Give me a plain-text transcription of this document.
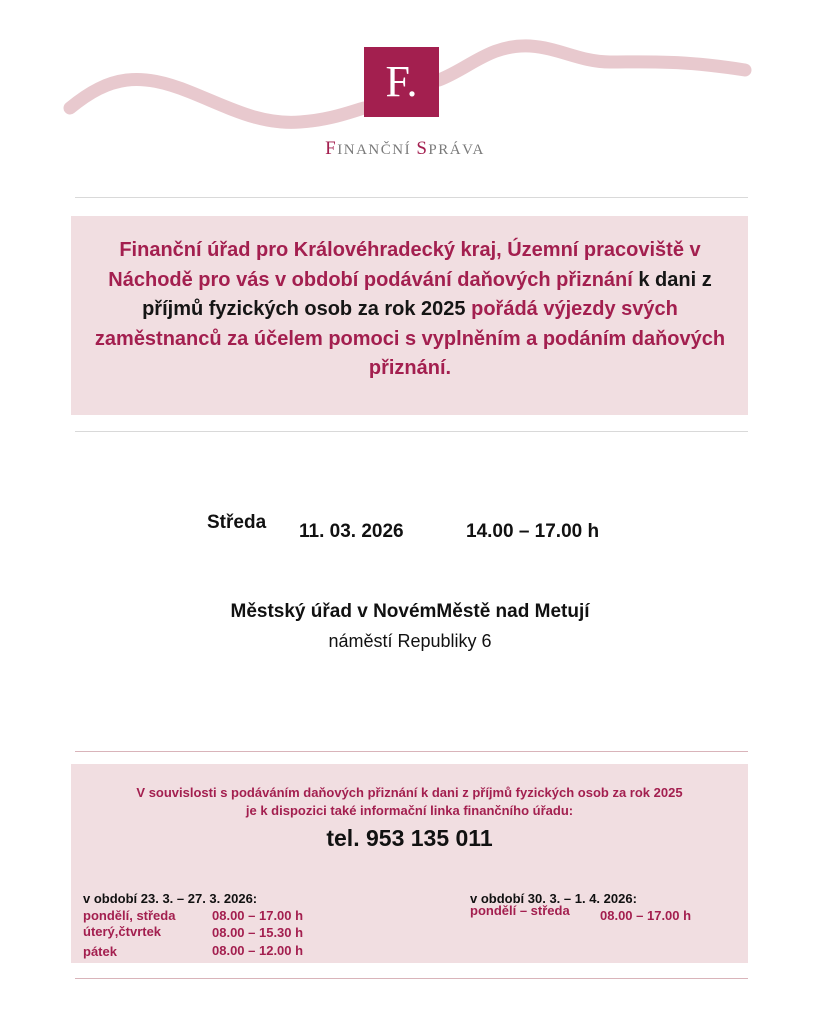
F.
FINANČNÍ SPRÁVA
Finanční úřad pro Královéhradecký kraj, Územní pracoviště v Náchodě pro vás v období podávání daňových přiznání k dani z příjmů fyzických osob za rok 2025 pořádá výjezdy svých zaměstnanců za účelem pomoci s vyplněním a podáním daňových přiznání.
Středa 11. 03. 2026	14.00 – 17.00 h
Městský úřad v NovémMěstě nad Metují
náměstí Republiky 6
V souvislosti s podáváním daňových přiznání k dani z příjmů fyzických osob za rok 2025
je k dispozici také informační linka finančního úřadu:
tel. 953 135 011
v období 23. 3. – 27. 3. 2026:
pondělí, středa	08.00 – 17.00 h
úterý,čtvrtek	08.00 – 15.30 h
pátek	08.00 – 12.00 h
v období 30. 3. – 1. 4. 2026:
pondělí – středa 08.00 – 17.00 h
